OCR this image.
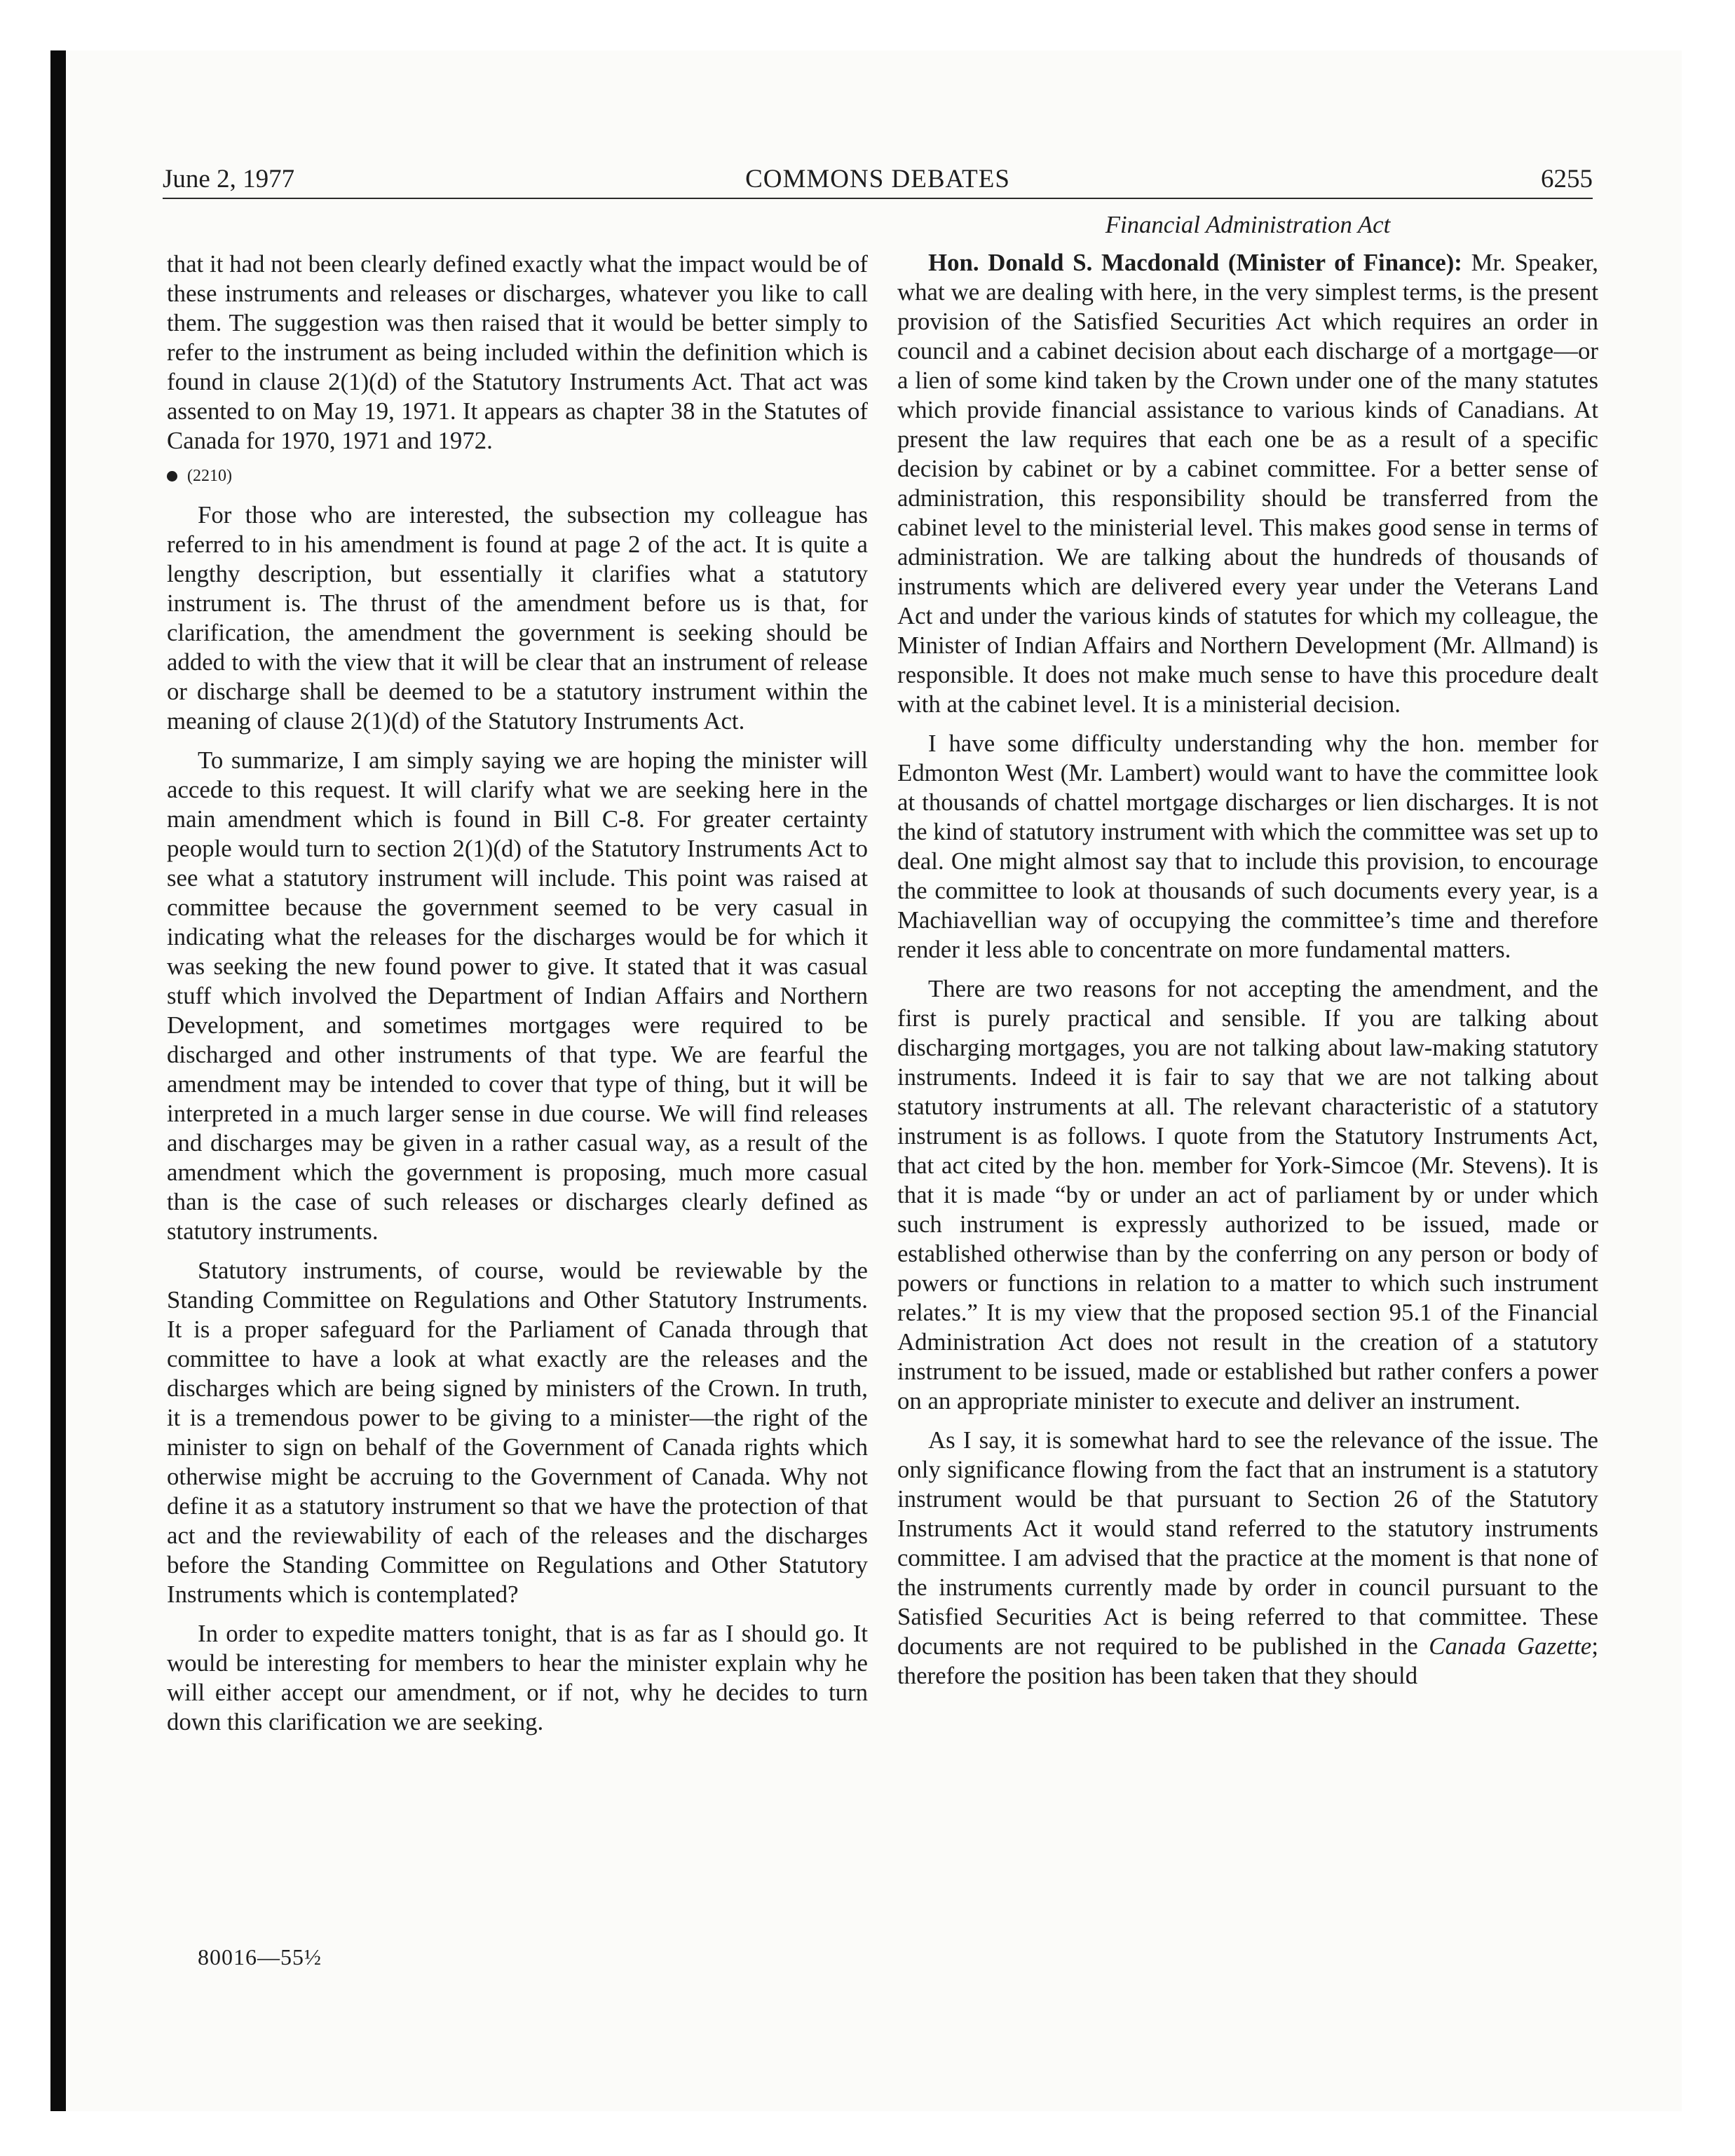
June 2, 1977	COMMONS DEBATES	6255

that it had not been clearly defined exactly what the impact would be of these instruments and releases or discharges, whatever you like to call them. The suggestion was then raised that it would be better simply to refer to the instrument as being included within the definition which is found in clause 2(1)(d) of the Statutory Instruments Act. That act was assented to on May 19, 1971. It appears as chapter 38 in the Statutes of Canada for 1970, 1971 and 1972.

(2210)

For those who are interested, the subsection my colleague has referred to in his amendment is found at page 2 of the act. It is quite a lengthy description, but essentially it clarifies what a statutory instrument is. The thrust of the amendment before us is that, for clarification, the amendment the government is seeking should be added to with the view that it will be clear that an instrument of release or discharge shall be deemed to be a statutory instrument within the meaning of clause 2(1)(d) of the Statutory Instruments Act.

To summarize, I am simply saying we are hoping the minister will accede to this request. It will clarify what we are seeking here in the main amendment which is found in Bill C-8. For greater certainty people would turn to section 2(1)(d) of the Statutory Instruments Act to see what a statutory instrument will include. This point was raised at committee because the government seemed to be very casual in indicating what the releases for the discharges would be for which it was seeking the new found power to give. It stated that it was casual stuff which involved the Department of Indian Affairs and Northern Development, and sometimes mortgages were required to be discharged and other instruments of that type. We are fearful the amendment may be intended to cover that type of thing, but it will be interpreted in a much larger sense in due course. We will find releases and discharges may be given in a rather casual way, as a result of the amendment which the government is proposing, much more casual than is the case of such releases or discharges clearly defined as statutory instruments.

Statutory instruments, of course, would be reviewable by the Standing Committee on Regulations and Other Statutory Instruments. It is a proper safeguard for the Parliament of Canada through that committee to have a look at what exactly are the releases and the discharges which are being signed by ministers of the Crown. In truth, it is a tremendous power to be giving to a minister—the right of the minister to sign on behalf of the Government of Canada rights which otherwise might be accruing to the Government of Canada. Why not define it as a statutory instrument so that we have the protection of that act and the reviewability of each of the releases and the discharges before the Standing Committee on Regulations and Other Statutory Instruments which is contemplated?

In order to expedite matters tonight, that is as far as I should go. It would be interesting for members to hear the minister explain why he will either accept our amendment, or if not, why he decides to turn down this clarification we are seeking.

Financial Administration Act

Hon. Donald S. Macdonald (Minister of Finance): Mr. Speaker, what we are dealing with here, in the very simplest terms, is the present provision of the Satisfied Securities Act which requires an order in council and a cabinet decision about each discharge of a mortgage—or a lien of some kind taken by the Crown under one of the many statutes which provide financial assistance to various kinds of Canadians. At present the law requires that each one be as a result of a specific decision by cabinet or by a cabinet committee. For a better sense of administration, this responsibility should be transferred from the cabinet level to the ministerial level. This makes good sense in terms of administration. We are talking about the hundreds of thousands of instruments which are delivered every year under the Veterans Land Act and under the various kinds of statutes for which my colleague, the Minister of Indian Affairs and Northern Development (Mr. Allmand) is responsible. It does not make much sense to have this procedure dealt with at the cabinet level. It is a ministerial decision.

I have some difficulty understanding why the hon. member for Edmonton West (Mr. Lambert) would want to have the committee look at thousands of chattel mortgage discharges or lien discharges. It is not the kind of statutory instrument with which the committee was set up to deal. One might almost say that to include this provision, to encourage the committee to look at thousands of such documents every year, is a Machiavellian way of occupying the committee’s time and therefore render it less able to concentrate on more fundamental matters.

There are two reasons for not accepting the amendment, and the first is purely practical and sensible. If you are talking about discharging mortgages, you are not talking about law-making statutory instruments. Indeed it is fair to say that we are not talking about statutory instruments at all. The relevant characteristic of a statutory instrument is as follows. I quote from the Statutory Instruments Act, that act cited by the hon. member for York-Simcoe (Mr. Stevens). It is that it is made “by or under an act of parliament by or under which such instrument is expressly authorized to be issued, made or established otherwise than by the conferring on any person or body of powers or functions in relation to a matter to which such instrument relates.” It is my view that the proposed section 95.1 of the Financial Administration Act does not result in the creation of a statutory instrument to be issued, made or established but rather confers a power on an appropriate minister to execute and deliver an instrument.

As I say, it is somewhat hard to see the relevance of the issue. The only significance flowing from the fact that an instrument is a statutory instrument would be that pursuant to Section 26 of the Statutory Instruments Act it would stand referred to the statutory instruments committee. I am advised that the practice at the moment is that none of the instruments currently made by order in council pursuant to the Satisfied Securities Act is being referred to that committee. These documents are not required to be published in the Canada Gazette; therefore the position has been taken that they should

80016—55½
